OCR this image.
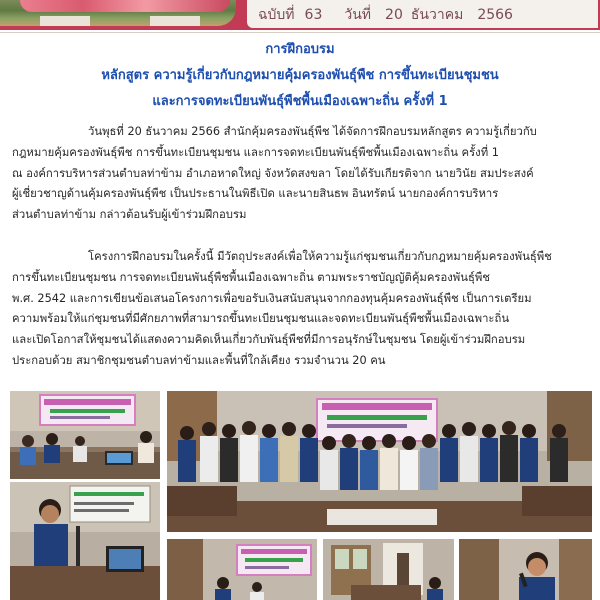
ฉบับที่ 63 วันที่ 20 ธันวาคม 2566
การฝึกอบรม
หลักสูตร ความรู้เกี่ยวกับกฎหมายคุ้มครองพันธุ์พืช การขึ้นทะเบียนชุมชน
และการจดทะเบียนพันธุ์พืชพื้นเมืองเฉพาะถิ่น ครั้งที่ 1
วันพุธที่ 20 ธันวาคม 2566 สำนักคุ้มครองพันธุ์พืช ได้จัดการฝึกอบรมหลักสูตร ความรู้เกี่ยวกับ
กฎหมายคุ้มครองพันธุ์พืช การขึ้นทะเบียนชุมชน และการจดทะเบียนพันธุ์พืชพื้นเมืองเฉพาะถิ่น ครั้งที่ 1
ณ องค์การบริหารส่วนตำบลท่าข้าม อำเภอหาดใหญ่ จังหวัดสงขลา โดยได้รับเกียรติจาก นายวินัย สมประสงค์
ผู้เชี่ยวชาญด้านคุ้มครองพันธุ์พืช เป็นประธานในพิธีเปิด และนายสินธพ อินทรัตน์ นายกองค์การบริหาร
ส่วนตำบลท่าข้าม กล่าวต้อนรับผู้เข้าร่วมฝึกอบรม
โครงการฝึกอบรมในครั้งนี้ มีวัตถุประสงค์เพื่อให้ความรู้แก่ชุมชนเกี่ยวกับกฎหมายคุ้มครองพันธุ์พืช
การขึ้นทะเบียนชุมชน การจดทะเบียนพันธุ์พืชพื้นเมืองเฉพาะถิ่น ตามพระราชบัญญัติคุ้มครองพันธุ์พืช
พ.ศ. 2542 และการเขียนข้อเสนอโครงการเพื่อขอรับเงินสนับสนุนจากกองทุนคุ้มครองพันธุ์พืช เป็นการเตรียม
ความพร้อมให้แก่ชุมชนที่มีศักยภาพที่สามารถขึ้นทะเบียนชุมชนและจดทะเบียนพันธุ์พืชพื้นเมืองเฉพาะถิ่น
และเปิดโอกาสให้ชุมชนได้แสดงความคิดเห็นเกี่ยวกับพันธุ์พืชที่มีการอนุรักษ์ในชุมชน โดยผู้เข้าร่วมฝึกอบรม
ประกอบด้วย สมาชิกชุมชนตำบลท่าข้ามและพื้นที่ใกล้เคียง รวมจำนวน 20 คน
